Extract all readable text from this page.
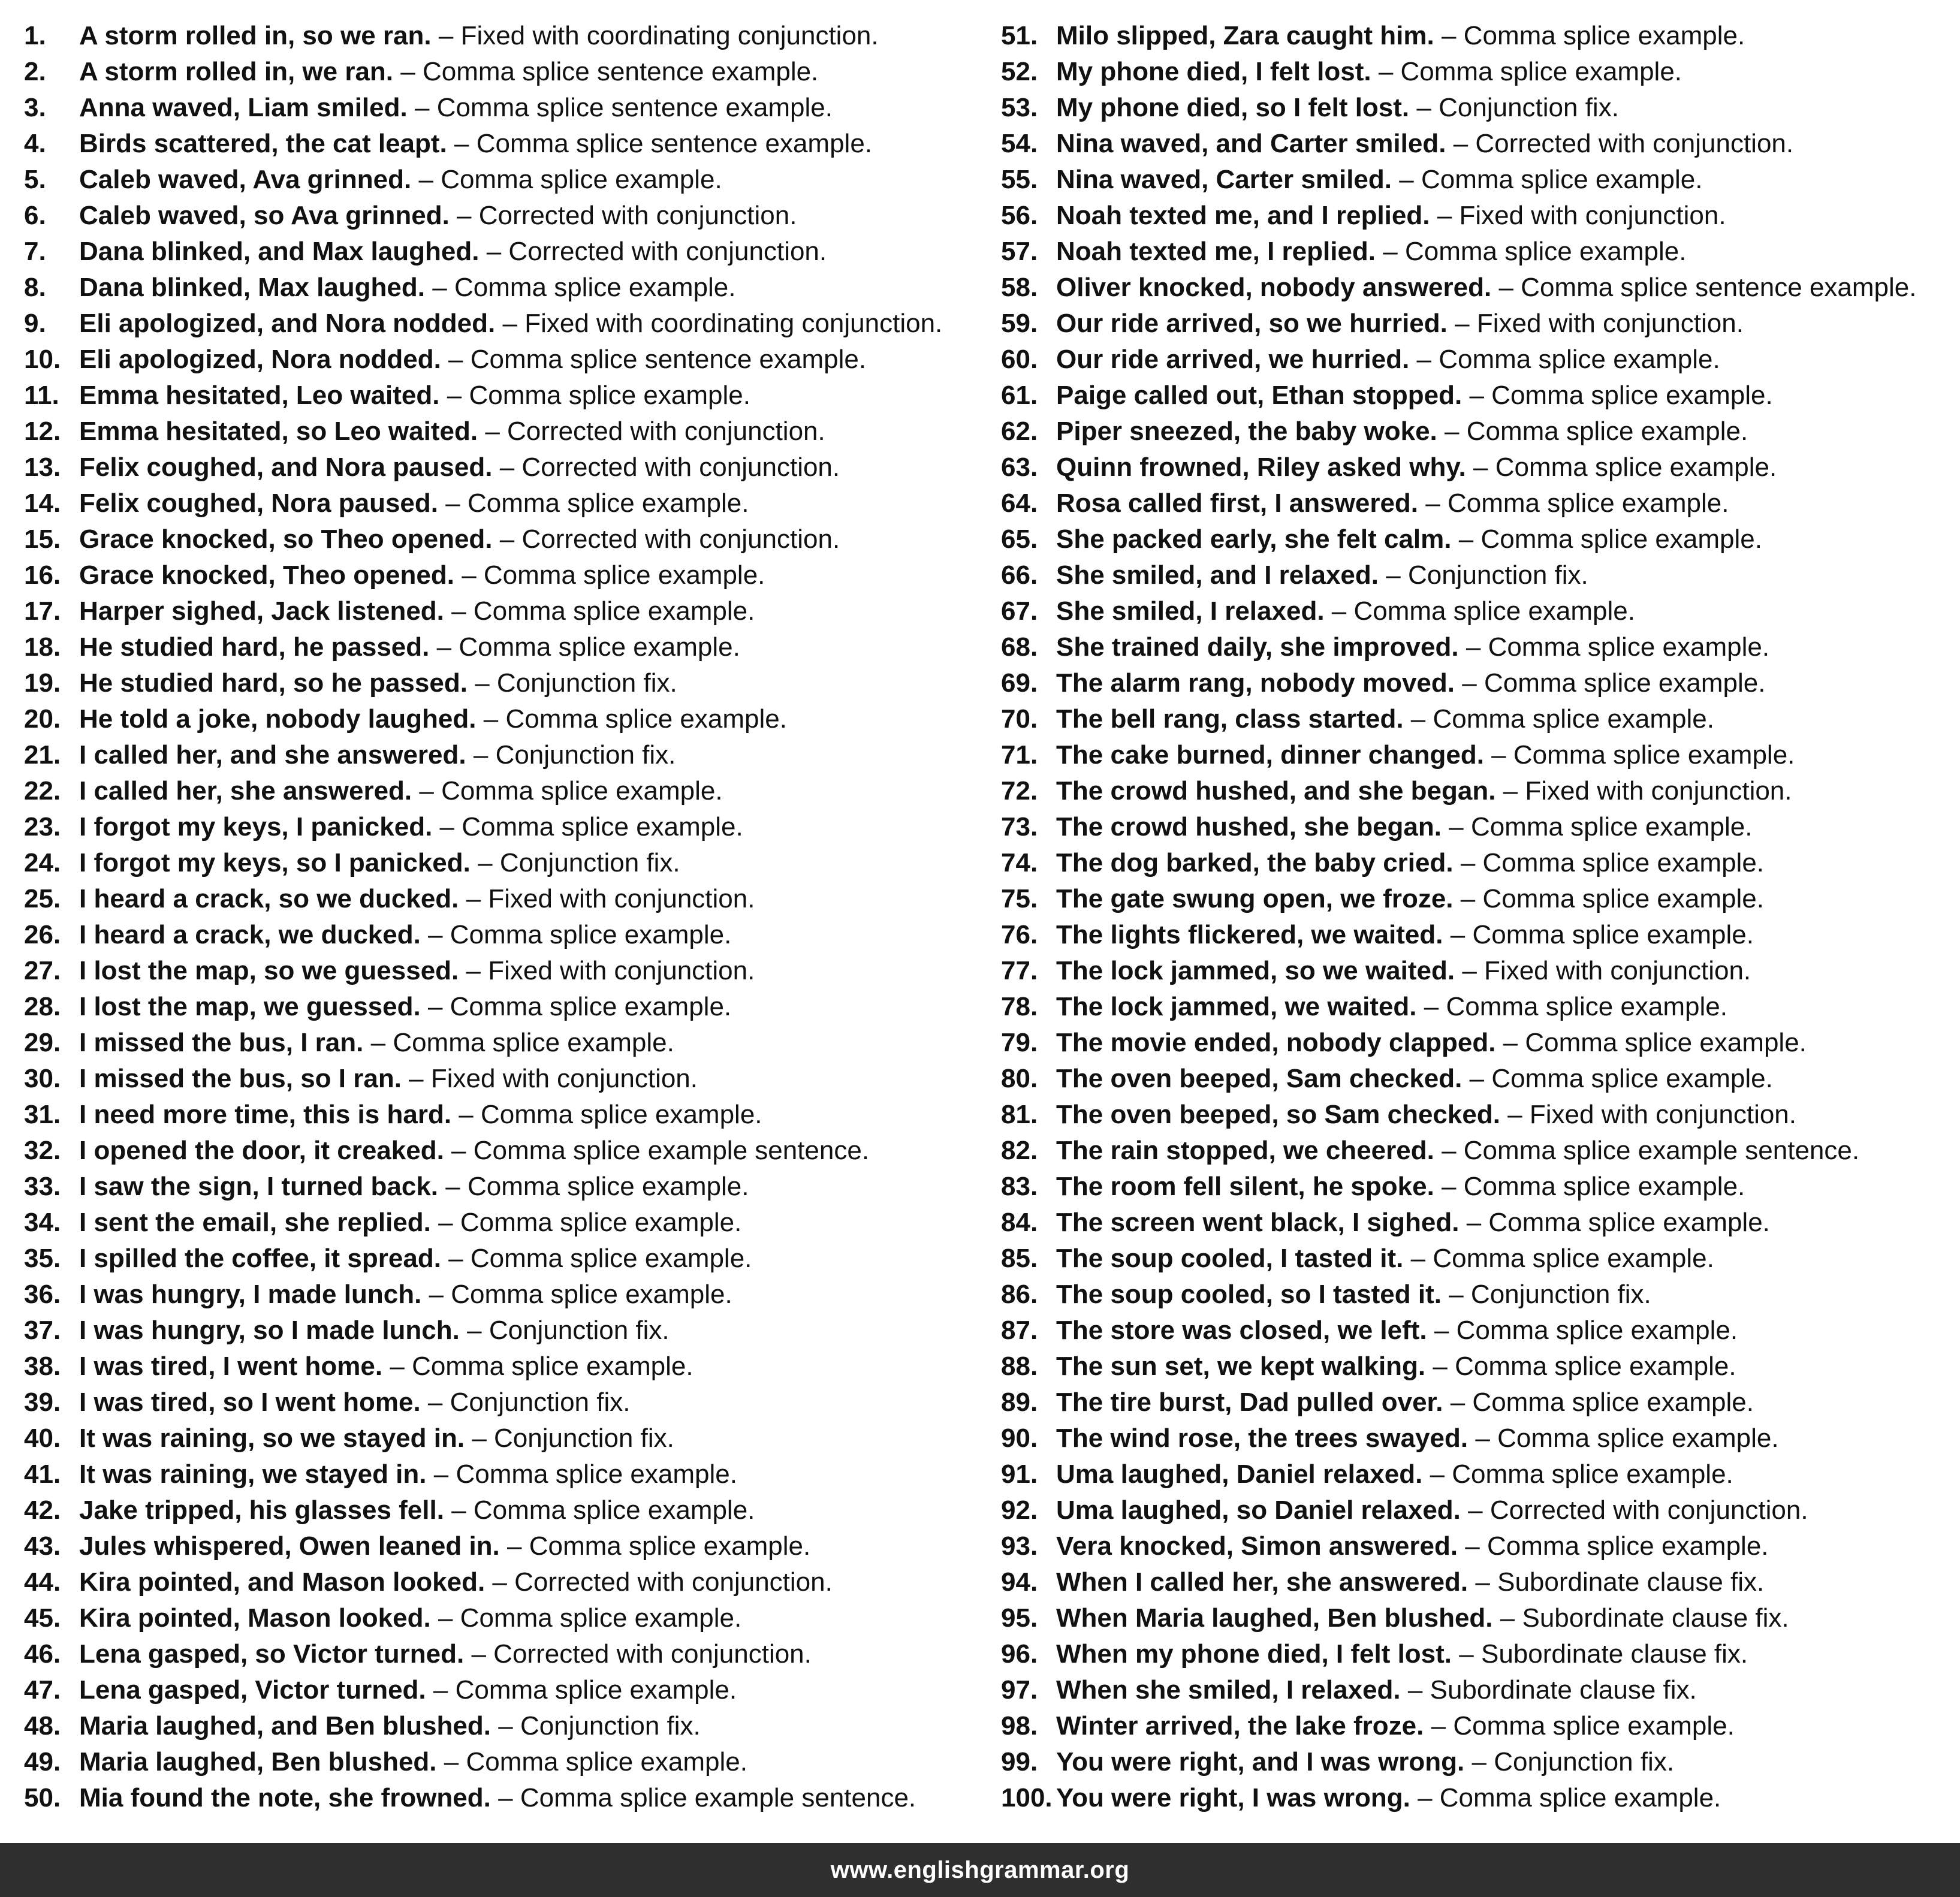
1. A storm rolled in, so we ran. – Fixed with coordinating conjunction.
2. A storm rolled in, we ran. – Comma splice sentence example.
3. Anna waved, Liam smiled. – Comma splice sentence example.
4. Birds scattered, the cat leapt. – Comma splice sentence example.
5. Caleb waved, Ava grinned. – Comma splice example.
6. Caleb waved, so Ava grinned. – Corrected with conjunction.
7. Dana blinked, and Max laughed. – Corrected with conjunction.
8. Dana blinked, Max laughed. – Comma splice example.
9. Eli apologized, and Nora nodded. – Fixed with coordinating conjunction.
10. Eli apologized, Nora nodded. – Comma splice sentence example.
11. Emma hesitated, Leo waited. – Comma splice example.
12. Emma hesitated, so Leo waited. – Corrected with conjunction.
13. Felix coughed, and Nora paused. – Corrected with conjunction.
14. Felix coughed, Nora paused. – Comma splice example.
15. Grace knocked, so Theo opened. – Corrected with conjunction.
16. Grace knocked, Theo opened. – Comma splice example.
17. Harper sighed, Jack listened. – Comma splice example.
18. He studied hard, he passed. – Comma splice example.
19. He studied hard, so he passed. – Conjunction fix.
20. He told a joke, nobody laughed. – Comma splice example.
21. I called her, and she answered. – Conjunction fix.
22. I called her, she answered. – Comma splice example.
23. I forgot my keys, I panicked. – Comma splice example.
24. I forgot my keys, so I panicked. – Conjunction fix.
25. I heard a crack, so we ducked. – Fixed with conjunction.
26. I heard a crack, we ducked. – Comma splice example.
27. I lost the map, so we guessed. – Fixed with conjunction.
28. I lost the map, we guessed. – Comma splice example.
29. I missed the bus, I ran. – Comma splice example.
30. I missed the bus, so I ran. – Fixed with conjunction.
31. I need more time, this is hard. – Comma splice example.
32. I opened the door, it creaked. – Comma splice example sentence.
33. I saw the sign, I turned back. – Comma splice example.
34. I sent the email, she replied. – Comma splice example.
35. I spilled the coffee, it spread. – Comma splice example.
36. I was hungry, I made lunch. – Comma splice example.
37. I was hungry, so I made lunch. – Conjunction fix.
38. I was tired, I went home. – Comma splice example.
39. I was tired, so I went home. – Conjunction fix.
40. It was raining, so we stayed in. – Conjunction fix.
41. It was raining, we stayed in. – Comma splice example.
42. Jake tripped, his glasses fell. – Comma splice example.
43. Jules whispered, Owen leaned in. – Comma splice example.
44. Kira pointed, and Mason looked. – Corrected with conjunction.
45. Kira pointed, Mason looked. – Comma splice example.
46. Lena gasped, so Victor turned. – Corrected with conjunction.
47. Lena gasped, Victor turned. – Comma splice example.
48. Maria laughed, and Ben blushed. – Conjunction fix.
49. Maria laughed, Ben blushed. – Comma splice example.
50. Mia found the note, she frowned. – Comma splice example sentence.
51. Milo slipped, Zara caught him. – Comma splice example.
52. My phone died, I felt lost. – Comma splice example.
53. My phone died, so I felt lost. – Conjunction fix.
54. Nina waved, and Carter smiled. – Corrected with conjunction.
55. Nina waved, Carter smiled. – Comma splice example.
56. Noah texted me, and I replied. – Fixed with conjunction.
57. Noah texted me, I replied. – Comma splice example.
58. Oliver knocked, nobody answered. – Comma splice sentence example.
59. Our ride arrived, so we hurried. – Fixed with conjunction.
60. Our ride arrived, we hurried. – Comma splice example.
61. Paige called out, Ethan stopped. – Comma splice example.
62. Piper sneezed, the baby woke. – Comma splice example.
63. Quinn frowned, Riley asked why. – Comma splice example.
64. Rosa called first, I answered. – Comma splice example.
65. She packed early, she felt calm. – Comma splice example.
66. She smiled, and I relaxed. – Conjunction fix.
67. She smiled, I relaxed. – Comma splice example.
68. She trained daily, she improved. – Comma splice example.
69. The alarm rang, nobody moved. – Comma splice example.
70. The bell rang, class started. – Comma splice example.
71. The cake burned, dinner changed. – Comma splice example.
72. The crowd hushed, and she began. – Fixed with conjunction.
73. The crowd hushed, she began. – Comma splice example.
74. The dog barked, the baby cried. – Comma splice example.
75. The gate swung open, we froze. – Comma splice example.
76. The lights flickered, we waited. – Comma splice example.
77. The lock jammed, so we waited. – Fixed with conjunction.
78. The lock jammed, we waited. – Comma splice example.
79. The movie ended, nobody clapped. – Comma splice example.
80. The oven beeped, Sam checked. – Comma splice example.
81. The oven beeped, so Sam checked. – Fixed with conjunction.
82. The rain stopped, we cheered. – Comma splice example sentence.
83. The room fell silent, he spoke. – Comma splice example.
84. The screen went black, I sighed. – Comma splice example.
85. The soup cooled, I tasted it. – Comma splice example.
86. The soup cooled, so I tasted it. – Conjunction fix.
87. The store was closed, we left. – Comma splice example.
88. The sun set, we kept walking. – Comma splice example.
89. The tire burst, Dad pulled over. – Comma splice example.
90. The wind rose, the trees swayed. – Comma splice example.
91. Uma laughed, Daniel relaxed. – Comma splice example.
92. Uma laughed, so Daniel relaxed. – Corrected with conjunction.
93. Vera knocked, Simon answered. – Comma splice example.
94. When I called her, she answered. – Subordinate clause fix.
95. When Maria laughed, Ben blushed. – Subordinate clause fix.
96. When my phone died, I felt lost. – Subordinate clause fix.
97. When she smiled, I relaxed. – Subordinate clause fix.
98. Winter arrived, the lake froze. – Comma splice example.
99. You were right, and I was wrong. – Conjunction fix.
100. You were right, I was wrong. – Comma splice example.
www.englishgrammar.org
